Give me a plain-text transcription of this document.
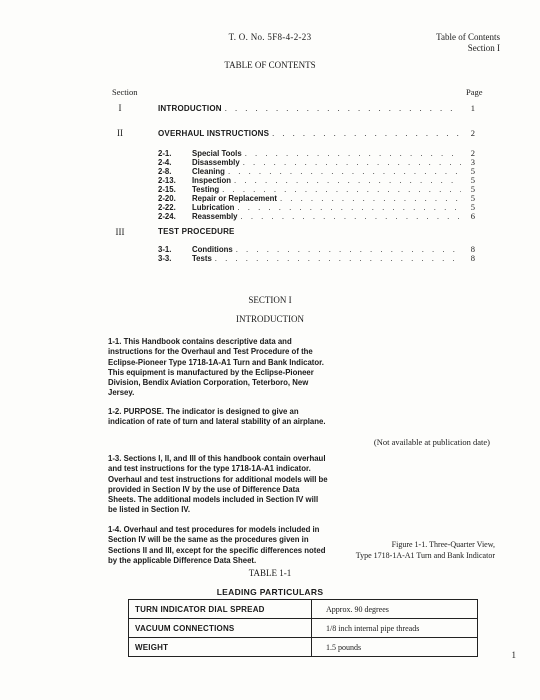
T. O. No. 5F8-4-2-23	Table of Contents
Section I
TABLE OF CONTENTS
Section	Page
I	INTRODUCTION . . .	1
II	OVERHAUL INSTRUCTIONS . . .	2
2-1.	Special Tools . . .	2
2-4.	Disassembly . . .	3
2-8.	Cleaning . . .	5
2-13.	Inspection . . .	5
2-15.	Testing . . .	5
2-20.	Repair or Replacement . . .	5
2-22.	Lubrication . . .	5
2-24.	Reassembly . . .	6
III	TEST PROCEDURE
3-1.	Conditions . . .	8
3-3.	Tests . . .	8
SECTION I
INTRODUCTION
1-1. This Handbook contains descriptive data and instructions for the Overhaul and Test Procedure of the Eclipse-Pioneer Type 1718-1A-A1 Turn and Bank Indicator. This equipment is manufactured by the Eclipse-Pioneer Division, Bendix Aviation Corporation, Teterboro, New Jersey.
1-2. PURPOSE. The indicator is designed to give an indication of rate of turn and lateral stability of an airplane.
1-3. Sections I, II, and III of this handbook contain overhaul and test instructions for the type 1718-1A-A1 indicator. Overhaul and test instructions for additional models will be provided in Section IV by the use of Difference Data Sheets. The additional models included in Section IV will be listed in Section IV.
1-4. Overhaul and test procedures for models included in Section IV will be the same as the procedures given in Sections II and III, except for the specific differences noted by the applicable Difference Data Sheet.
(Not available at publication date)
Figure 1-1. Three-Quarter View,
Type 1718-1A-A1 Turn and Bank Indicator
TABLE 1-1
LEADING PARTICULARS
TURN INDICATOR DIAL SPREAD	Approx. 90 degrees
VACUUM CONNECTIONS	1/8 inch internal pipe threads
WEIGHT	1.5 pounds
1
